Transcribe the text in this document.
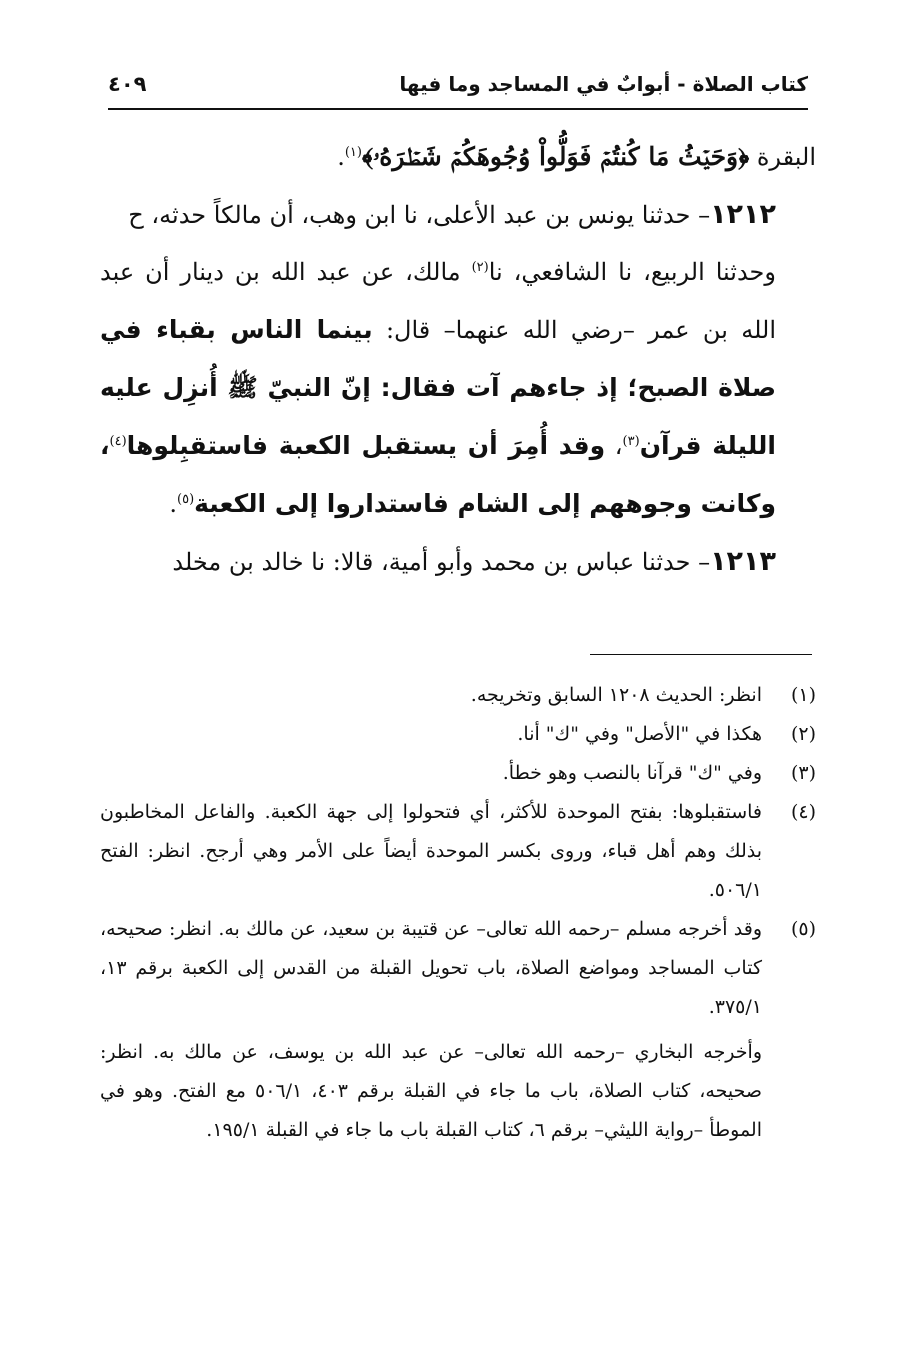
كتاب الصلاة - أبوابٌ في المساجد وما فيها
٤٠٩

البقرة ﴿وَحَيۡثُ مَا كُنتُمۡ فَوَلُّواْ وُجُوهَكُمۡ شَطۡرَهُۥ﴾$^{(١)}$.

١٢١٢– حدثنا يونس بن عبد الأعلى، نا ابن وهب، أن مالكاً حدثه، ح

وحدثنا الربيع، نا الشافعي، نا$^{(٢)}$ مالك، عن عبد الله بن دينار أن عبد الله بن عمر –رضي الله عنهما– قال: بينما الناس بقباء في صلاة الصبح؛ إذ جاءهم آت فقال: إنّ النبيّ ﷺ أُنزِل عليه الليلة قرآن$^{(٣)}$، وقد أُمِرَ أن يستقبل الكعبة فاستقبِلوها$^{(٤)}$، وكانت وجوههم إلى الشام فاستداروا إلى الكعبة$^{(٥)}$.

١٢١٣– حدثنا عباس بن محمد وأبو أمية، قالا: نا خالد بن مخلد

(١)
انظر: الحديث ١٢٠٨ السابق وتخريجه.

(٢)
هكذا في "الأصل" وفي "ك" أنا.

(٣)
وفي "ك" قرآنا بالنصب وهو خطأ.

(٤)
فاستقبلوها: بفتح الموحدة للأكثر، أي فتحولوا إلى جهة الكعبة. والفاعل المخاطبون بذلك وهم أهل قباء، وروى بكسر الموحدة أيضاً على الأمر وهي أرجح. انظر: الفتح ٥٠٦/١.

(٥)
وقد أخرجه مسلم –رحمه الله تعالى– عن قتيبة بن سعيد، عن مالك به. انظر: صحيحه، كتاب المساجد ومواضع الصلاة، باب تحويل القبلة من القدس إلى الكعبة برقم ١٣، ٣٧٥/١.

وأخرجه البخاري –رحمه الله تعالى– عن عبد الله بن يوسف، عن مالك به. انظر: صحيحه، كتاب الصلاة، باب ما جاء في القبلة برقم ٤٠٣، ٥٠٦/١ مع الفتح. وهو في الموطأ –رواية الليثي– برقم ٦، كتاب القبلة باب ما جاء في القبلة ١٩٥/١.
